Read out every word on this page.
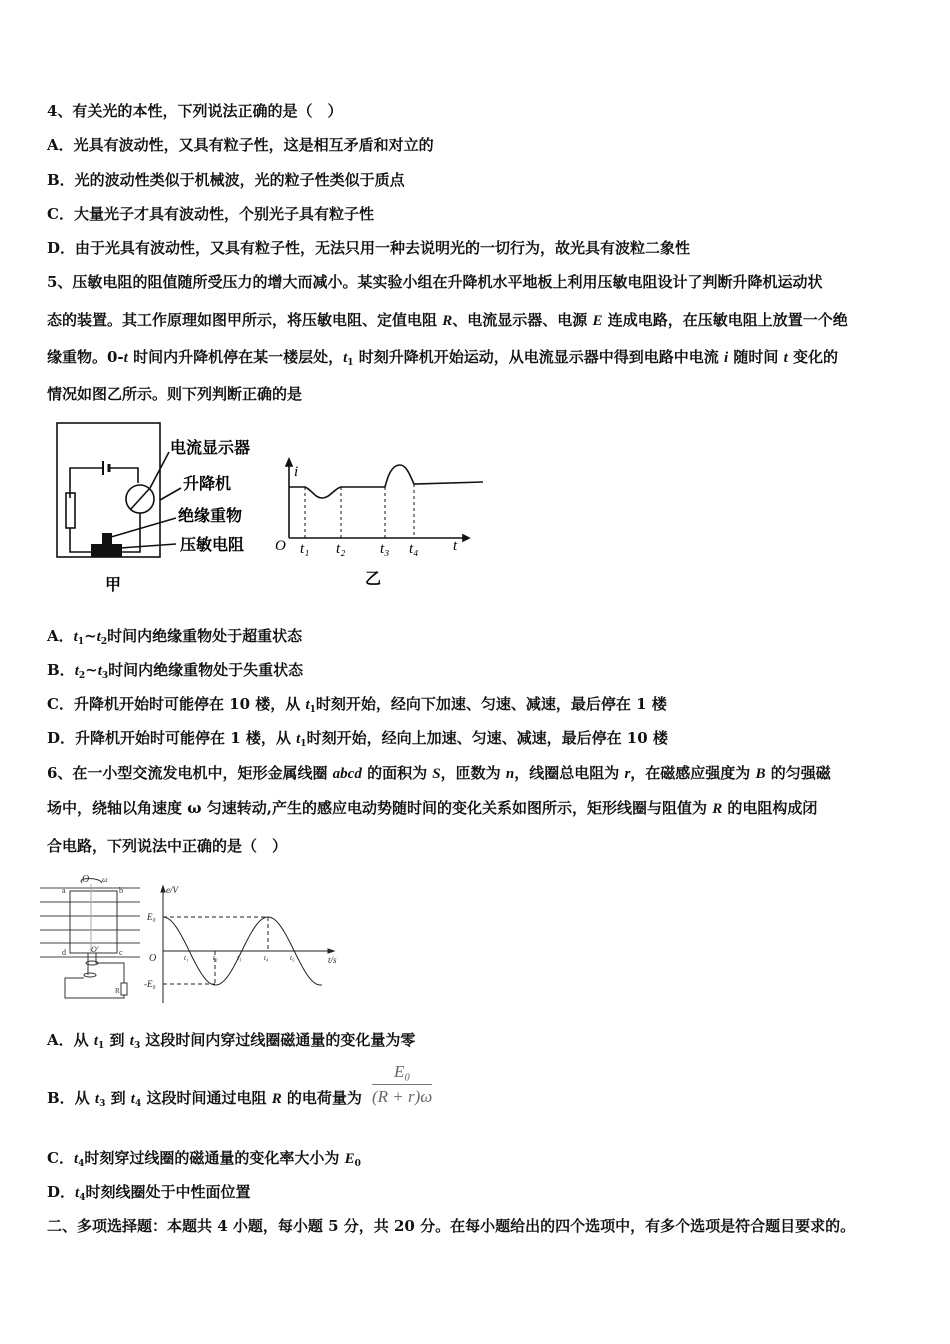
4、有关光的本性，下列说法正确的是（　）
A．光具有波动性，又具有粒子性，这是相互矛盾和对立的
B．光的波动性类似于机械波，光的粒子性类似于质点
C．大量光子才具有波动性，个别光子具有粒子性
D．由于光具有波动性，又具有粒子性，无法只用一种去说明光的一切行为，故光具有波粒二象性
5、压敏电阻的阻值随所受压力的增大而减小。某实验小组在升降机水平地板上利用压敏电阻设计了判断升降机运动状
态的装置。其工作原理如图甲所示，将压敏电阻、定值电阻 R、电流显示器、电源 E 连成电路，在压敏电阻上放置一个绝
缘重物。0-t 时间内升降机停在某一楼层处，$t_1$ 时刻升降机开始运动，从电流显示器中得到电路中电流 i 随时间 t 变化的
情况如图乙所示。则下列判断正确的是
A．$t_1\sim t_2$时间内绝缘重物处于超重状态
B．$t_2\sim t_3$时间内绝缘重物处于失重状态
C．升降机开始时可能停在 10 楼，从 $t_1$时刻开始，经向下加速、匀速、减速，最后停在 1 楼
D．升降机开始时可能停在 1 楼，从 $t_1$时刻开始，经向上加速、匀速、减速，最后停在 10 楼
6、在一小型交流发电机中，矩形金属线圈 abcd 的面积为 S，匝数为 n，线圈总电阻为 r，在磁感应强度为 B 的匀强磁
场中，绕轴以角速度 ω 匀速转动,产生的感应电动势随时间的变化关系如图所示，矩形线圈与阻值为 R 的电阻构成闭
合电路，下列说法中正确的是（　）
A．从 $t_1$ 到 $t_3$ 这段时间内穿过线圈磁通量的变化量为零
B．从 $t_3$ 到 $t_4$ 这段时间通过电阻 R 的电荷量为
C．$t_4$时刻穿过线圈的磁通量的变化率大小为 $E_0$
D．$t_4$时刻线圈处于中性面位置
二、多项选择题：本题共 4 小题，每小题 5 分，共 20 分。在每小题给出的四个选项中，有多个选项是符合题目要求的。
$\frac{\text{E₀}}{(R + r)\omega}$
电流显示器
升降机
绝缘重物
压敏电阻
甲	乙
i
O	t
t₁ t₂ t₃ t₄
a	b
d	c
O ω
O'
R
e/V
t/s
O
E₀
-E₀
t₁	t₂	t₃	t₄	t₅
